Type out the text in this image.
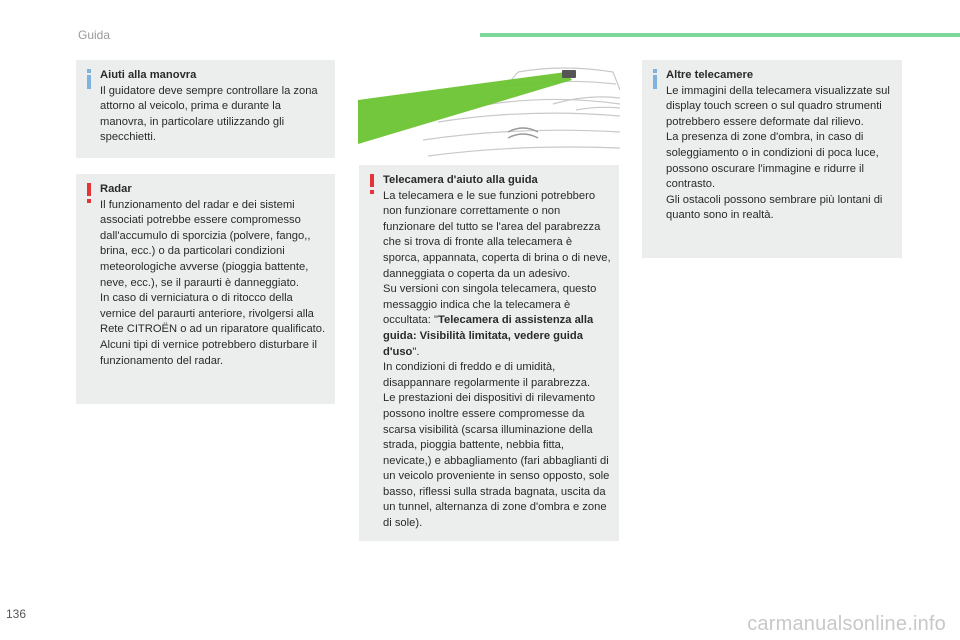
Guida
Aiuti alla manovra
Il guidatore deve sempre controllare la zona attorno al veicolo, prima e durante la manovra, in particolare utilizzando gli specchietti.
Radar
Il funzionamento del radar e dei sistemi associati potrebbe essere compromesso dall'accumulo di sporcizia (polvere, fango,, brina, ecc.) o da particolari condizioni meteorologiche avverse (pioggia battente, neve, ecc.), se il paraurti è danneggiato.
In caso di verniciatura o di ritocco della vernice del paraurti anteriore, rivolgersi alla Rete CITROËN o ad un riparatore qualificato. Alcuni tipi di vernice potrebbero disturbare il funzionamento del radar.
Telecamera d'aiuto alla guida
La telecamera e le sue funzioni potrebbero non funzionare correttamente o non funzionare del tutto se l'area del parabrezza che si trova di fronte alla telecamera è sporca, appannata, coperta di brina o di neve, danneggiata o coperta da un adesivo.
Su versioni con singola telecamera, questo messaggio indica che la telecamera è occultata: "Telecamera di assistenza alla guida: Visibilità limitata, vedere guida d'uso".
In condizioni di freddo e di umidità, disappannare regolarmente il parabrezza.
Le prestazioni dei dispositivi di rilevamento possono inoltre essere compromesse da scarsa visibilità (scarsa illuminazione della strada, pioggia battente, nebbia fitta, nevicate,) e abbagliamento (fari abbaglianti di un veicolo proveniente in senso opposto, sole basso, riflessi sulla strada bagnata, uscita da un tunnel, alternanza di zone d'ombra e zone di sole).
Altre telecamere
Le immagini della telecamera visualizzate sul display touch screen o sul quadro strumenti potrebbero essere deformate dal rilievo.
La presenza di zone d'ombra, in caso di soleggiamento o in condizioni di poca luce, possono oscurare l'immagine e ridurre il contrasto.
Gli ostacoli possono sembrare più lontani di quanto sono in realtà.
136	carmanualsonline.info
